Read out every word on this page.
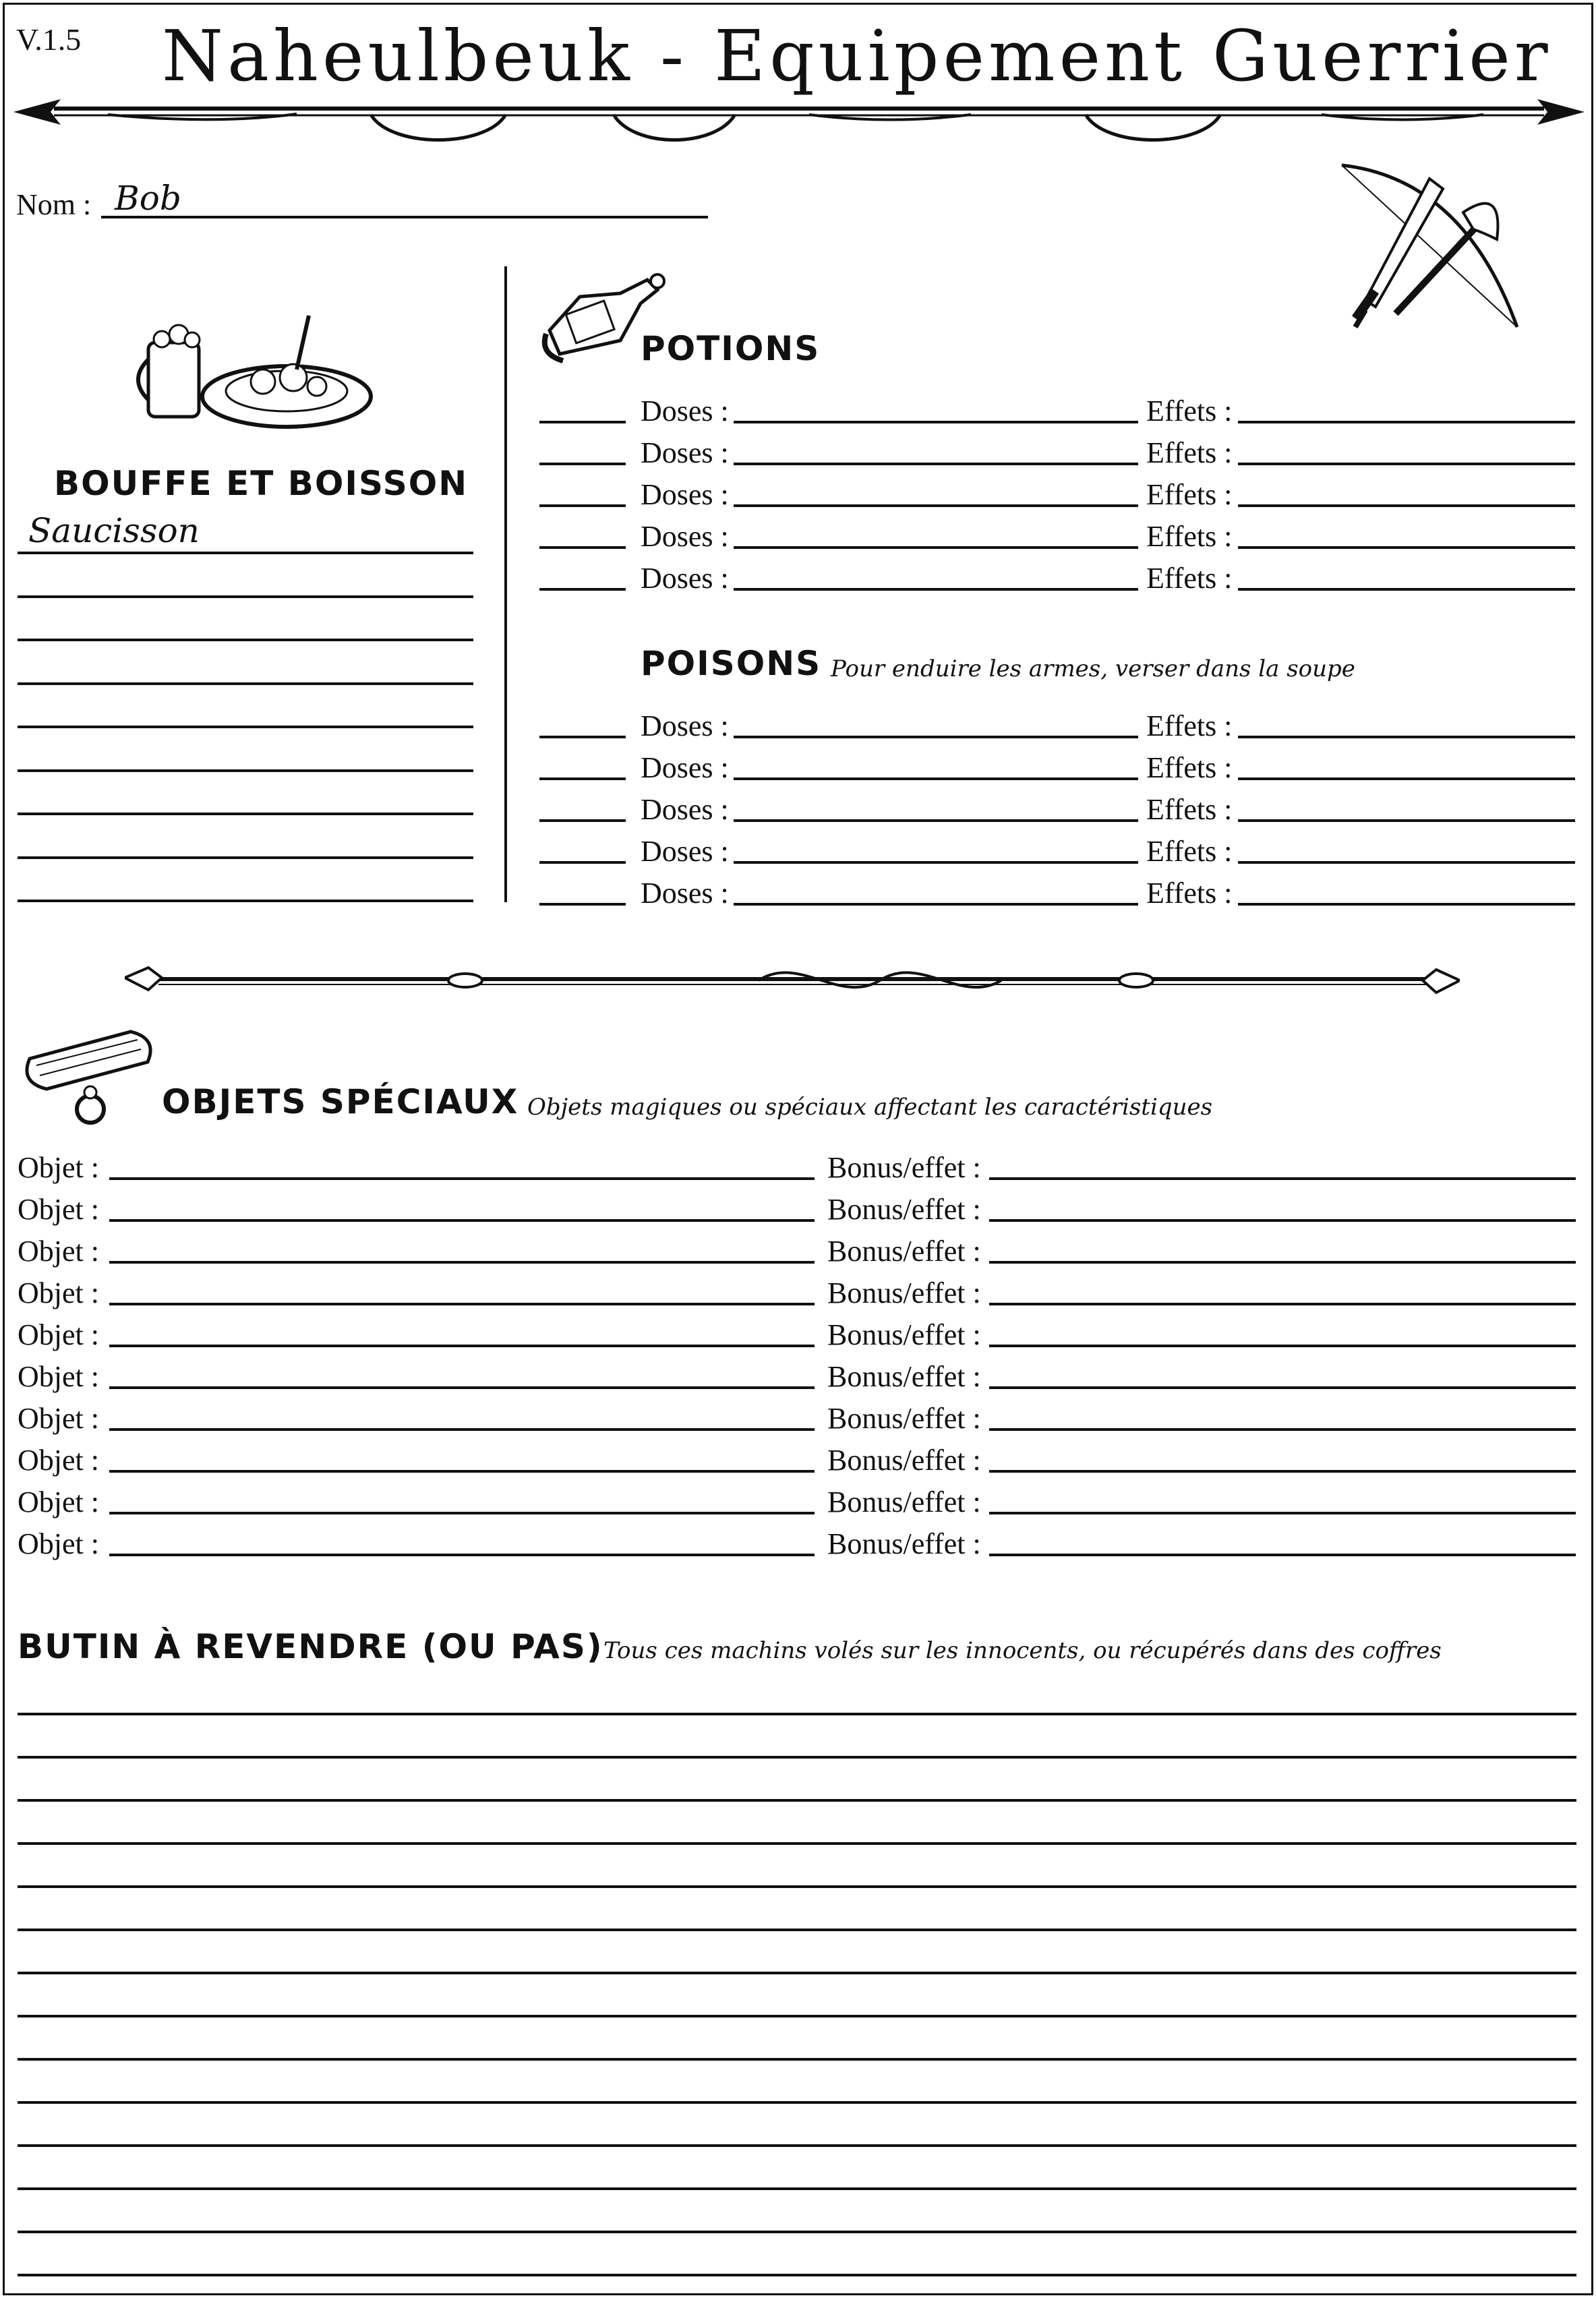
V.1.5 Naheulbeuk - Equipement Guerrier
Nom : Bob
BOUFFE ET BOISSON
Saucisson
POTIONS
Doses :	Effets :
Doses :	Effets :
Doses :	Effets :
Doses :	Effets :
Doses :	Effets :
POISONS Pour enduire les armes, verser dans la soupe
Doses :	Effets :
Doses :	Effets :
Doses :	Effets :
Doses :	Effets :
Doses :	Effets :
OBJETS SPÉCIAUX Objets magiques ou spéciaux affectant les caractéristiques
Objet :	Bonus/effet :
Objet :	Bonus/effet :
Objet :	Bonus/effet :
Objet :	Bonus/effet :
Objet :	Bonus/effet :
Objet :	Bonus/effet :
Objet :	Bonus/effet :
Objet :	Bonus/effet :
Objet :	Bonus/effet :
Objet :	Bonus/effet :
BUTIN À REVENDRE (OU PAS) Tous ces machins volés sur les innocents, ou récupérés dans des coffres
